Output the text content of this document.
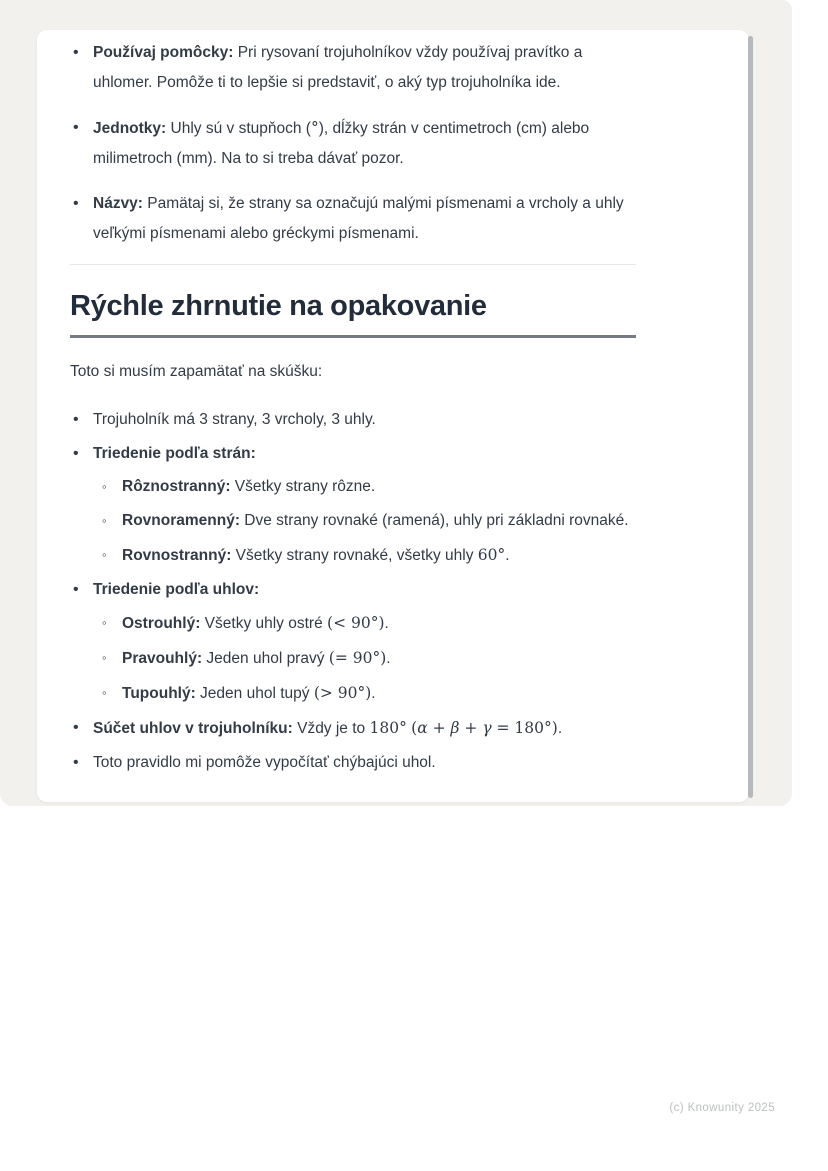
• Používaj pomôcky: Pri rysovaní trojuholníkov vždy používaj pravítko a uhlomer. Pomôže ti to lepšie si predstaviť, o aký typ trojuholníka ide.
• Jednotky: Uhly sú v stupňoch (°), dĺžky strán v centimetroch (cm) alebo milimetroch (mm). Na to si treba dávať pozor.
• Názvy: Pamätaj si, že strany sa označujú malými písmenami a vrcholy a uhly veľkými písmenami alebo gréckymi písmenami.
Rýchle zhrnutie na opakovanie

Toto si musím zapamätať na skúšku:

• Trojuholník má 3 strany, 3 vrcholy, 3 uhly.
• Triedenie podľa strán:
◦ Rôznostranný: Všetky strany rôzne.
◦ Rovnoramenný: Dve strany rovnaké (ramená), uhly pri základni rovnaké.
◦ Rovnostranný: Všetky strany rovnaké, všetky uhly 60°.
• Triedenie podľa uhlov:
◦ Ostrouhlý: Všetky uhly ostré (< 90°).
◦ Pravouhlý: Jeden uhol pravý (= 90°).
◦ Tupouhlý: Jeden uhol tupý (> 90°).
• Súčet uhlov v trojuholníku: Vždy je to 180° (α + β + γ = 180°).
• Toto pravidlo mi pomôže vypočítať chýbajúci uhol.
(c) Knowunity 2025
